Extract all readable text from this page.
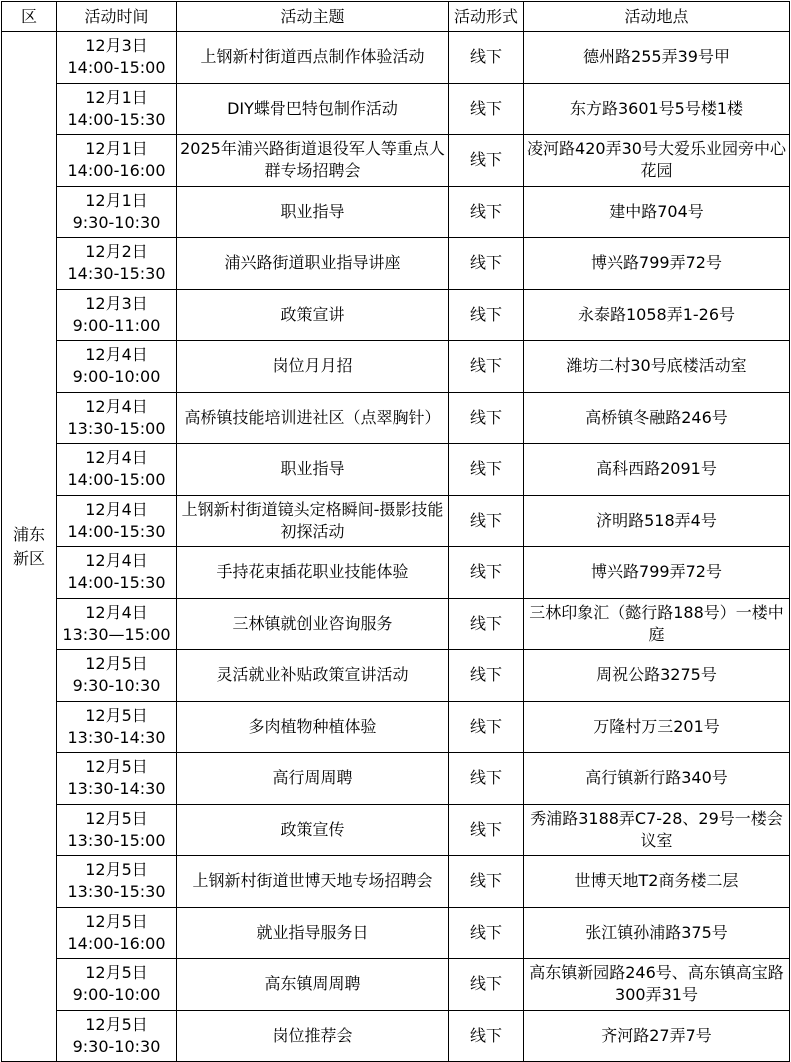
区	活动时间	活动主题	活动形式	活动地点

浦东
新区	12月3日
14:00-15:00	上钢新村街道西点制作体验活动	线下	德州路255弄39号甲

	12月1日
14:00-15:30	DIY蝶骨巴特包制作活动	线下	东方路3601号5号楼1楼

	12月1日
14:00-16:00	2025年浦兴路街道退役军人等重点人群专场招聘会	线下	凌河路420弄30号大爱乐业园旁中心花园

	12月1日
9:30-10:30	职业指导	线下	建中路704号

	12月2日
14:30-15:30	浦兴路街道职业指导讲座	线下	博兴路799弄72号

	12月3日
9:00-11:00	政策宣讲	线下	永泰路1058弄1-26号

	12月4日
9:00-10:00	岗位月月招	线下	潍坊二村30号底楼活动室

	12月4日
13:30-15:00	高桥镇技能培训进社区（点翠胸针）	线下	高桥镇冬融路246号

	12月4日
14:00-15:00	职业指导	线下	高科西路2091号

	12月4日
14:00-15:30	上钢新村街道镜头定格瞬间-摄影技能初探活动	线下	济明路518弄4号

	12月4日
14:00-15:30	手持花束插花职业技能体验	线下	博兴路799弄72号

	12月4日
13:30—15:00	三林镇就创业咨询服务	线下	三林印象汇（懿行路188号）一楼中庭

	12月5日
9:30-10:30	灵活就业补贴政策宣讲活动	线下	周祝公路3275号

	12月5日
13:30-14:30	多肉植物种植体验	线下	万隆村万三201号

	12月5日
13:30-14:30	高行周周聘	线下	高行镇新行路340号

	12月5日
13:30-15:00	政策宣传	线下	秀浦路3188弄C7-28、29号一楼会议室

	12月5日
13:30-15:30	上钢新村街道世博天地专场招聘会	线下	世博天地T2商务楼二层

	12月5日
14:00-16:00	就业指导服务日	线下	张江镇孙浦路375号

	12月5日
9:00-10:00	高东镇周周聘	线下	高东镇新园路246号、高东镇高宝路300弄31号

	12月5日
9:30-10:30	岗位推荐会	线下	齐河路27弄7号
